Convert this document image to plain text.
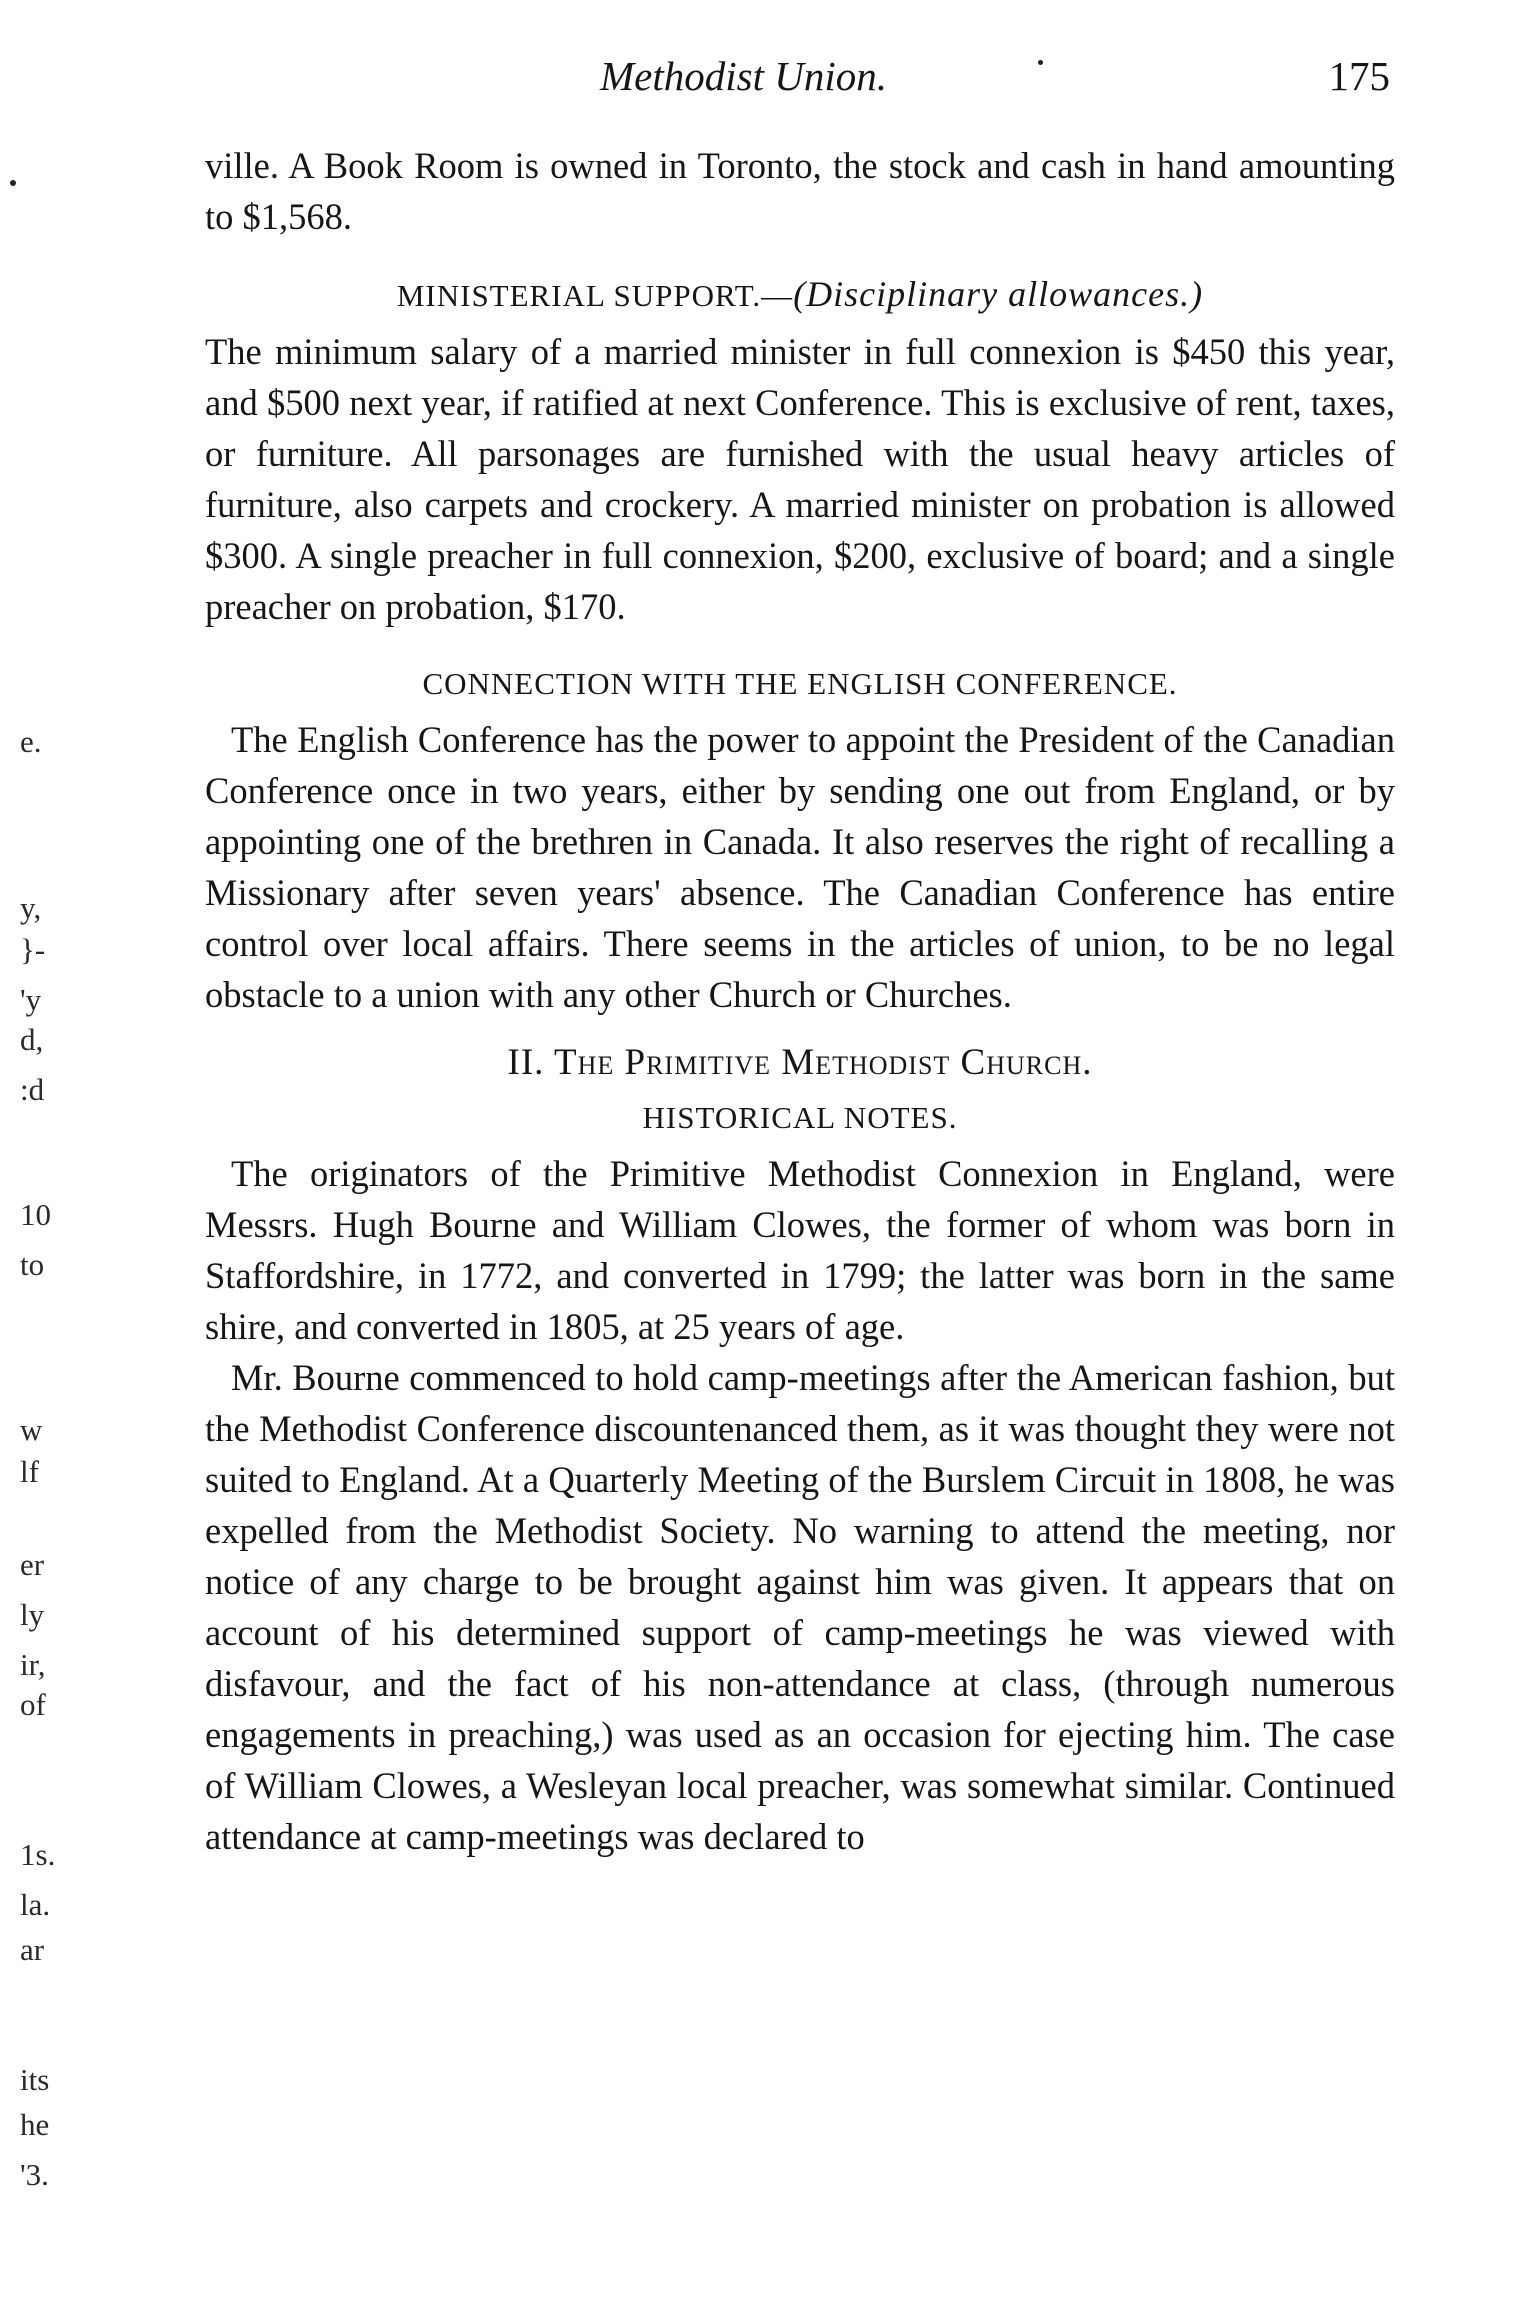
Methodist Union.	175
e.
y,
}-
'y
d,
:d
10
to
w
lf
er
ly
ir,
of
1s.
la.
ar
its
he
'3.

ville. A Book Room is owned in Toronto, the stock and cash in hand amounting to $1,568.

MINISTERIAL SUPPORT.—(Disciplinary allowances.)

The minimum salary of a married minister in full connexion is $450 this year, and $500 next year, if ratified at next Conference. This is exclusive of rent, taxes, or furniture. All parsonages are furnished with the usual heavy articles of furniture, also carpets and crockery. A married minister on probation is allowed $300. A single preacher in full connexion, $200, exclusive of board; and a single preacher on probation, $170.

CONNECTION WITH THE ENGLISH CONFERENCE.

The English Conference has the power to appoint the President of the Canadian Conference once in two years, either by sending one out from England, or by appointing one of the brethren in Canada. It also reserves the right of recalling a Missionary after seven years' absence. The Canadian Conference has entire control over local affairs. There seems in the articles of union, to be no legal obstacle to a union with any other Church or Churches.

II. The Primitive Methodist Church.
HISTORICAL NOTES.

The originators of the Primitive Methodist Connexion in England, were Messrs. Hugh Bourne and William Clowes, the former of whom was born in Staffordshire, in 1772, and converted in 1799; the latter was born in the same shire, and converted in 1805, at 25 years of age.

Mr. Bourne commenced to hold camp-meetings after the American fashion, but the Methodist Conference discountenanced them, as it was thought they were not suited to England. At a Quarterly Meeting of the Burslem Circuit in 1808, he was expelled from the Methodist Society. No warning to attend the meeting, nor notice of any charge to be brought against him was given. It appears that on account of his determined support of camp-meetings he was viewed with disfavour, and the fact of his non-attendance at class, (through numerous engagements in preaching,) was used as an occasion for ejecting him. The case of William Clowes, a Wesleyan local preacher, was somewhat similar. Continued attendance at camp-meetings was declared to
